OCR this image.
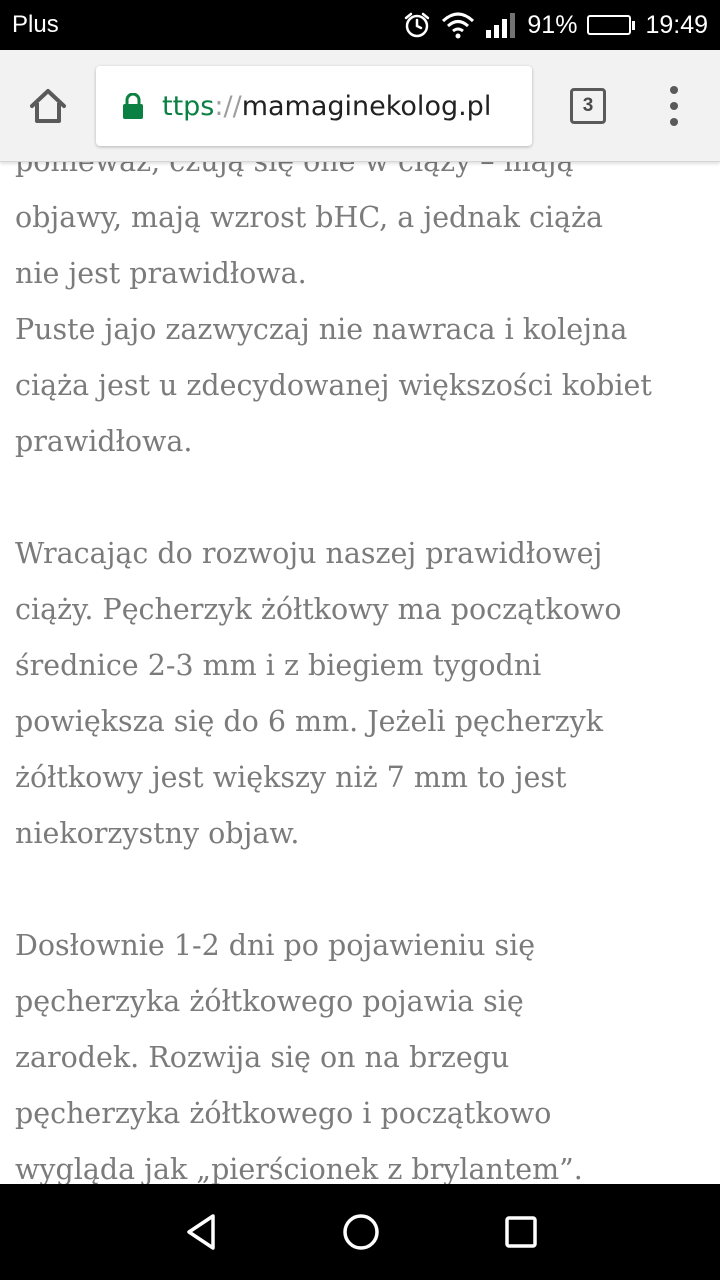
Plus	91%	19:49

objawy, mają wzrost bHC, a jednak ciąża
nie jest prawidłowa.
Puste jajo zazwyczaj nie nawraca i kolejna
ciąża jest u zdecydowanej większości kobiet
prawidłowa.

Wracając do rozwoju naszej prawidłowej
ciąży. Pęcherzyk żółtkowy ma początkowo
średnice 2-3 mm i z biegiem tygodni
powiększa się do 6 mm. Jeżeli pęcherzyk
żółtkowy jest większy niż 7 mm to jest
niekorzystny objaw.

Dosłownie 1-2 dni po pojawieniu się
pęcherzyka żółtkowego pojawia się
zarodek. Rozwija się on na brzegu
pęcherzyka żółtkowego i początkowo
wygląda jak „pierścionek z brylantem”.

ttps://mamaginekolog.pl	3
